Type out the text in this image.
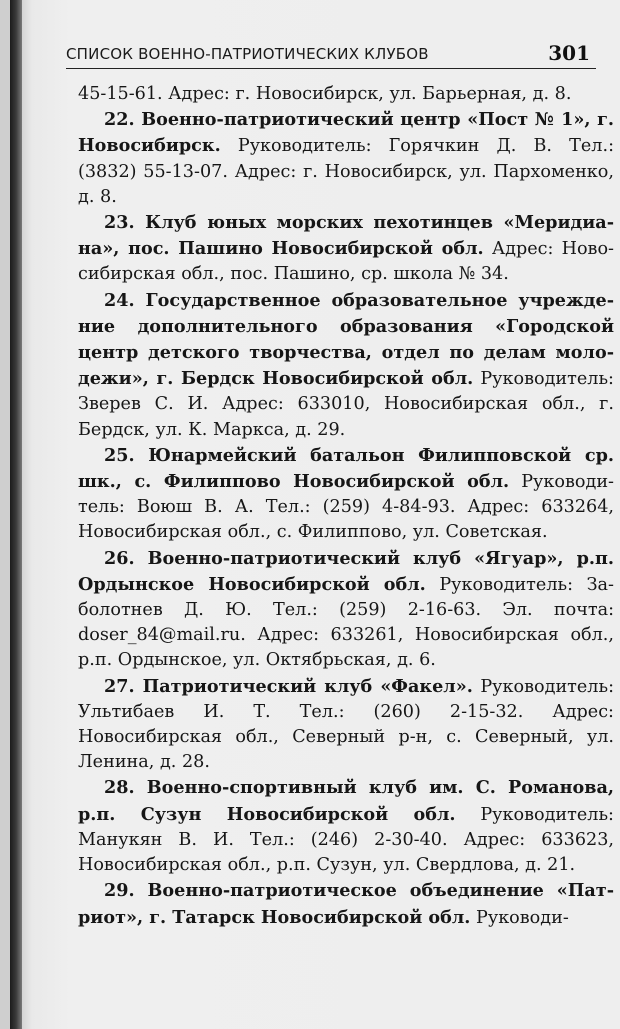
СПИСОК ВОЕННО-ПАТРИОТИЧЕСКИХ КЛУБОВ	301

45-15-61. Адрес: г. Новосибирск, ул. Барьерная, д. 8.

22. Военно-патриотический центр «Пост № 1», г. Новосибирск. Руководитель: Горячкин Д. В. Тел.: (3832) 55-13-07. Адрес: г. Новосибирск, ул. Пархоменко, д. 8.

23. Клуб юных морских пехотинцев «Меридиана», пос. Пашино Новосибирской обл. Адрес: Новосибирская обл., пос. Пашино, ср. школа № 34.

24. Государственное образовательное учреждение дополнительного образования «Городской центр детского творчества, отдел по делам молодежи», г. Бердск Новосибирской обл. Руководитель: Зверев С. И. Адрес: 633010, Новосибирская обл., г. Бердск, ул. К. Маркса, д. 29.

25. Юнармейский батальон Филипповской ср. шк., с. Филиппово Новосибирской обл. Руководитель: Воюш В. А. Тел.: (259) 4-84-93. Адрес: 633264, Новосибирская обл., с. Филиппово, ул. Советская.

26. Военно-патриотический клуб «Ягуар», р.п. Ордынское Новосибирской обл. Руководитель: Заболотнев Д. Ю. Тел.: (259) 2-16-63. Эл. почта: doser_84@mail.ru. Адрес: 633261, Новосибирская обл., р.п. Ордынское, ул. Октябрьская, д. 6.

27. Патриотический клуб «Факел». Руководитель: Ультибаев И. Т. Тел.: (260) 2-15-32. Адрес: Новосибирская обл., Северный р-н, с. Северный, ул. Ленина, д. 28.

28. Военно-спортивный клуб им. С. Романова, р.п. Сузун Новосибирской обл. Руководитель: Манукян В. И. Тел.: (246) 2-30-40. Адрес: 633623, Новосибирская обл., р.п. Сузун, ул. Свердлова, д. 21.

29. Военно-патриотическое объединение «Патриот», г. Татарск Новосибирской обл. Руководи-
